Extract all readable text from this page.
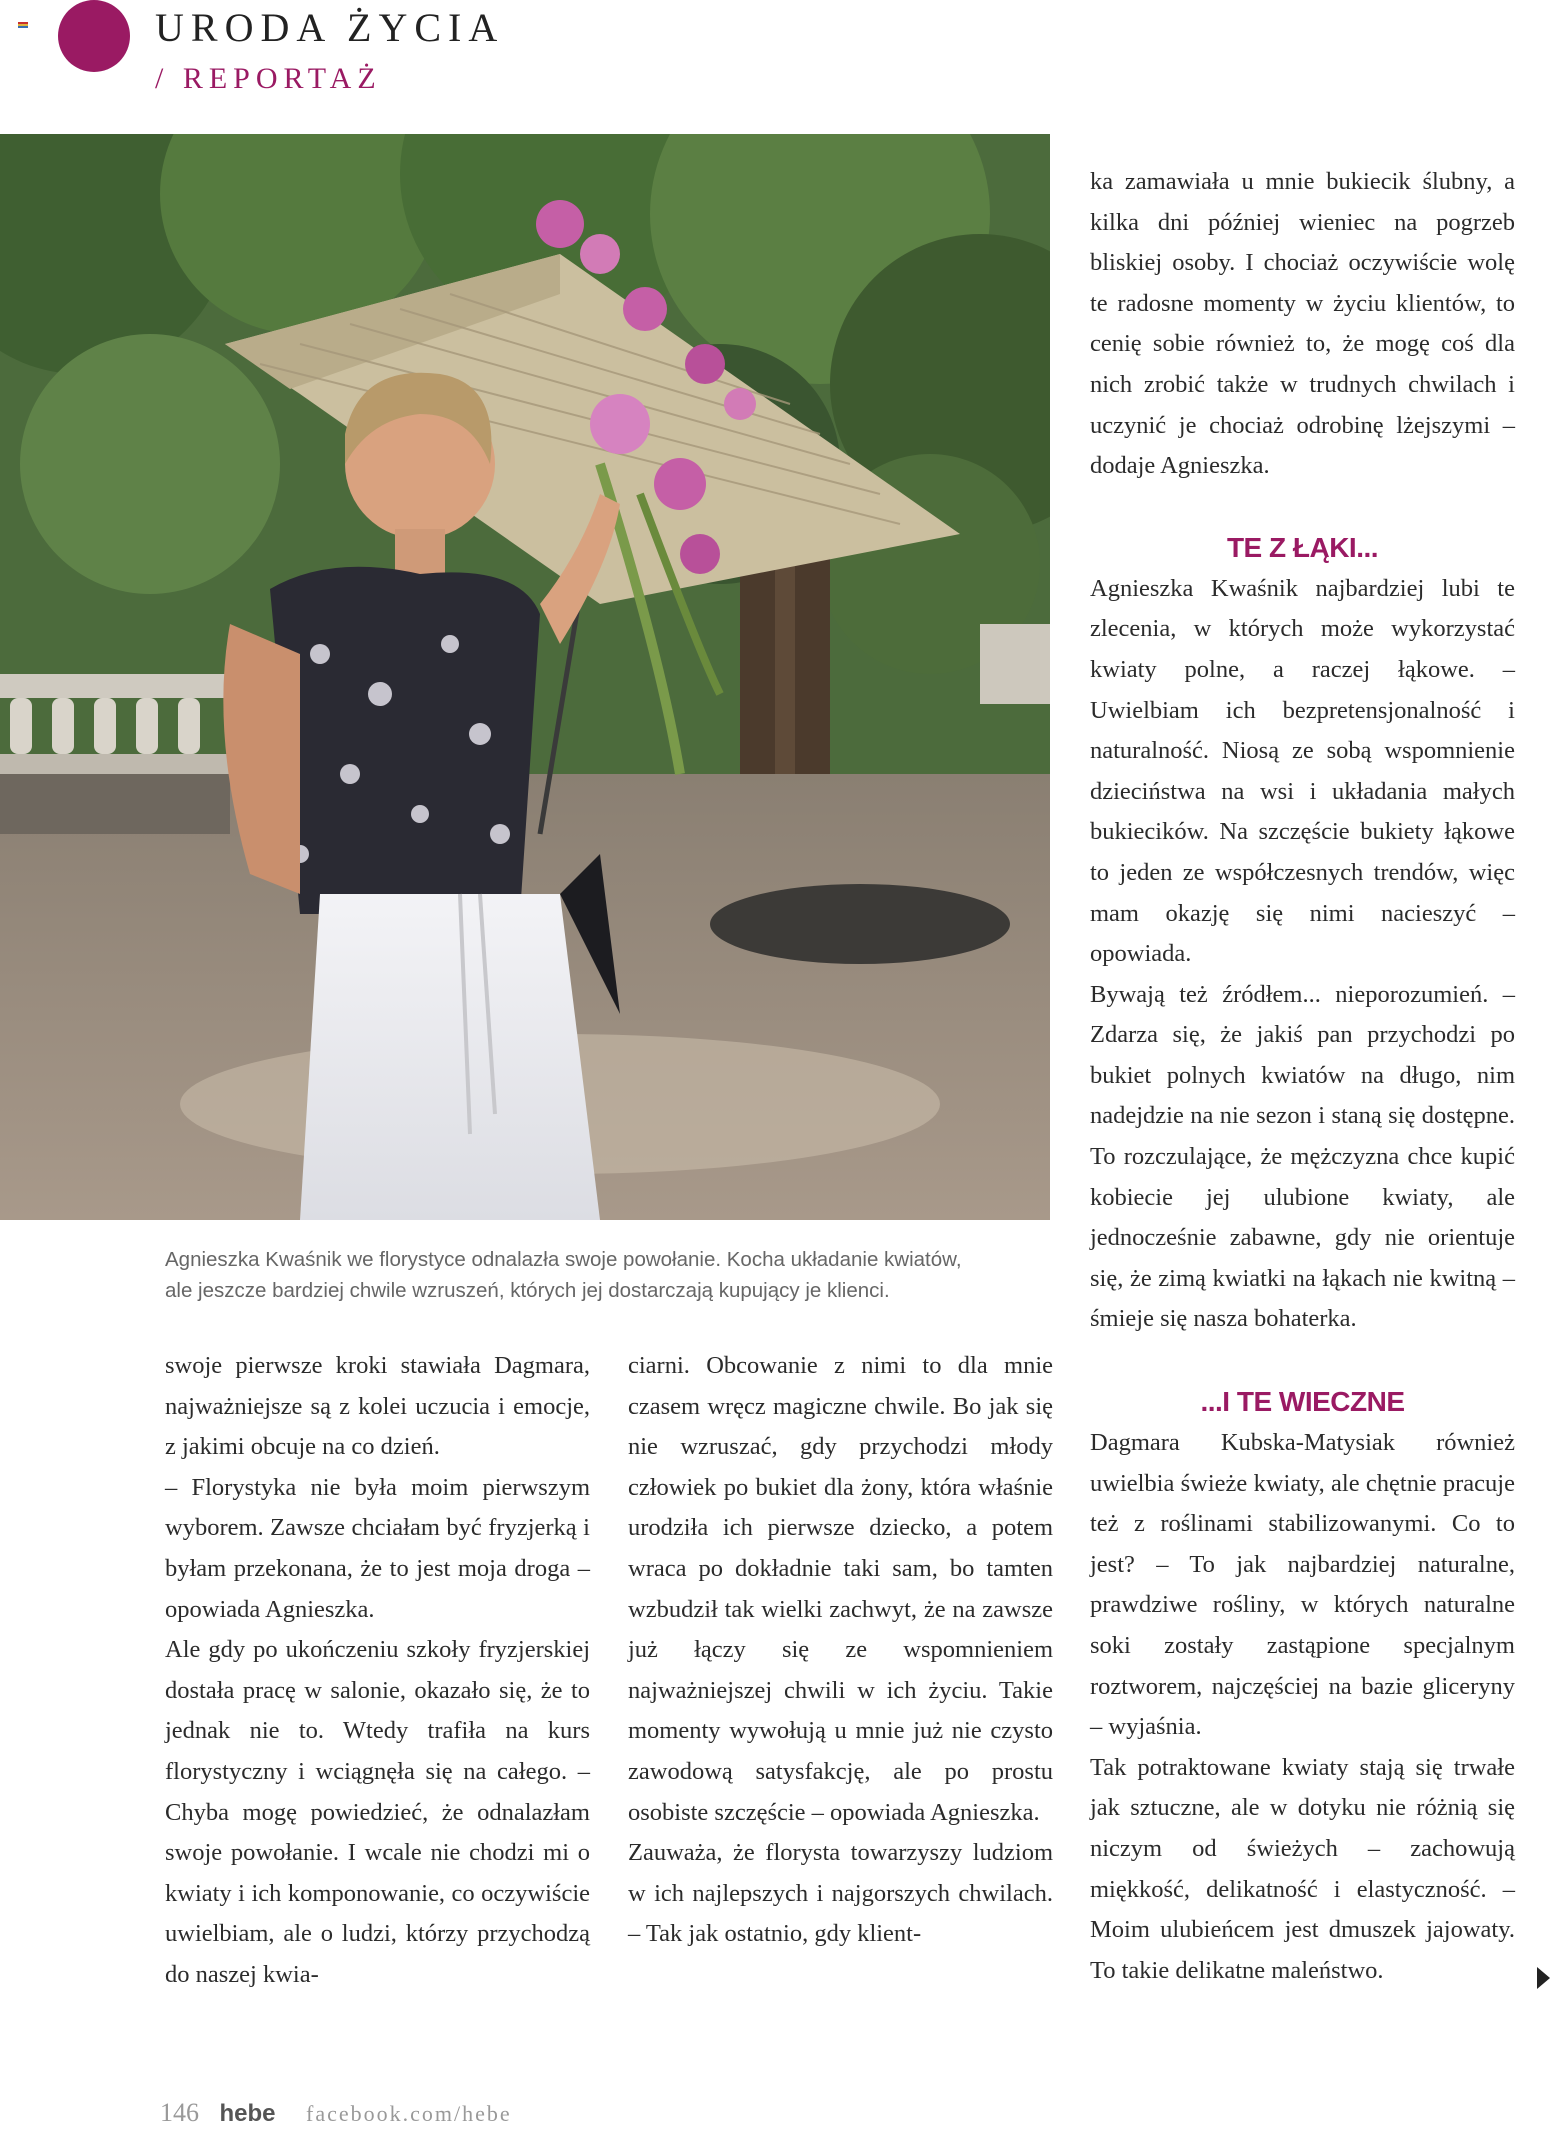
URODA ŻYCIA
/ REPORTAŻ
Agnieszka Kwaśnik we florystyce odnalazła swoje powołanie. Kocha układanie kwiatów,
ale jeszcze bardziej chwile wzruszeń, których jej dostarczają kupujący je klienci.

swoje pierwsze kroki stawiała Dagmara, najważniejsze są z kolei uczucia i emocje, z jakimi obcuje na co dzień.

– Florystyka nie była moim pierwszym wyborem. Zawsze chciałam być fryzjerką i byłam przekonana, że to jest moja droga – opowiada Agnieszka.

Ale gdy po ukończeniu szkoły fryzjerskiej dostała pracę w salonie, okazało się, że to jednak nie to. Wtedy trafiła na kurs florystyczny i wciągnęła się na całego. – Chyba mogę powiedzieć, że odnalazłam swoje powołanie. I wcale nie chodzi mi o kwiaty i ich komponowanie, co oczywiście uwielbiam, ale o ludzi, którzy przychodzą do naszej kwia-

ciarni. Obcowanie z nimi to dla mnie czasem wręcz magiczne chwile. Bo jak się nie wzruszać, gdy przychodzi młody człowiek po bukiet dla żony, która właśnie urodziła ich pierwsze dziecko, a potem wraca po dokładnie taki sam, bo tamten wzbudził tak wielki zachwyt, że na zawsze już łączy się ze wspomnieniem najważniejszej chwili w ich życiu. Takie momenty wywołują u mnie już nie czysto zawodową satysfakcję, ale po prostu osobiste szczęście – opowiada Agnieszka.

Zauważa, że florysta towarzyszy ludziom w ich najlepszych i najgorszych chwilach. – Tak jak ostatnio, gdy klient-

ka zamawiała u mnie bukiecik ślubny, a kilka dni później wieniec na pogrzeb bliskiej osoby. I chociaż oczywiście wolę te radosne momenty w życiu klientów, to cenię sobie również to, że mogę coś dla nich zrobić także w trudnych chwilach i uczynić je chociaż odrobinę lżejszymi – dodaje Agnieszka.

TE Z ŁĄKI...

Agnieszka Kwaśnik najbardziej lubi te zlecenia, w których może wykorzystać kwiaty polne, a raczej łąkowe. – Uwielbiam ich bezpretensjonalność i naturalność. Niosą ze sobą wspomnienie dzieciństwa na wsi i układania małych bukiecików. Na szczęście bukiety łąkowe to jeden ze współczesnych trendów, więc mam okazję się nimi nacieszyć – opowiada.

Bywają też źródłem... nieporozumień. – Zdarza się, że jakiś pan przychodzi po bukiet polnych kwiatów na długo, nim nadejdzie na nie sezon i staną się dostępne. To rozczulające, że mężczyzna chce kupić kobiecie jej ulubione kwiaty, ale jednocześnie zabawne, gdy nie orientuje się, że zimą kwiatki na łąkach nie kwitną – śmieje się nasza bohaterka.

...I TE WIECZNE

Dagmara Kubska-Matysiak również uwielbia świeże kwiaty, ale chętnie pracuje też z roślinami stabilizowanymi. Co to jest? – To jak najbardziej naturalne, prawdziwe rośliny, w których naturalne soki zostały zastąpione specjalnym roztworem, najczęściej na bazie gliceryny – wyjaśnia.

Tak potraktowane kwiaty stają się trwałe jak sztuczne, ale w dotyku nie różnią się niczym od świeżych – zachowują miękkość, delikatność i elastyczność. – Moim ulubieńcem jest dmuszek jajowaty. To takie delikatne maleństwo.

146 hebe facebook.com/hebe
